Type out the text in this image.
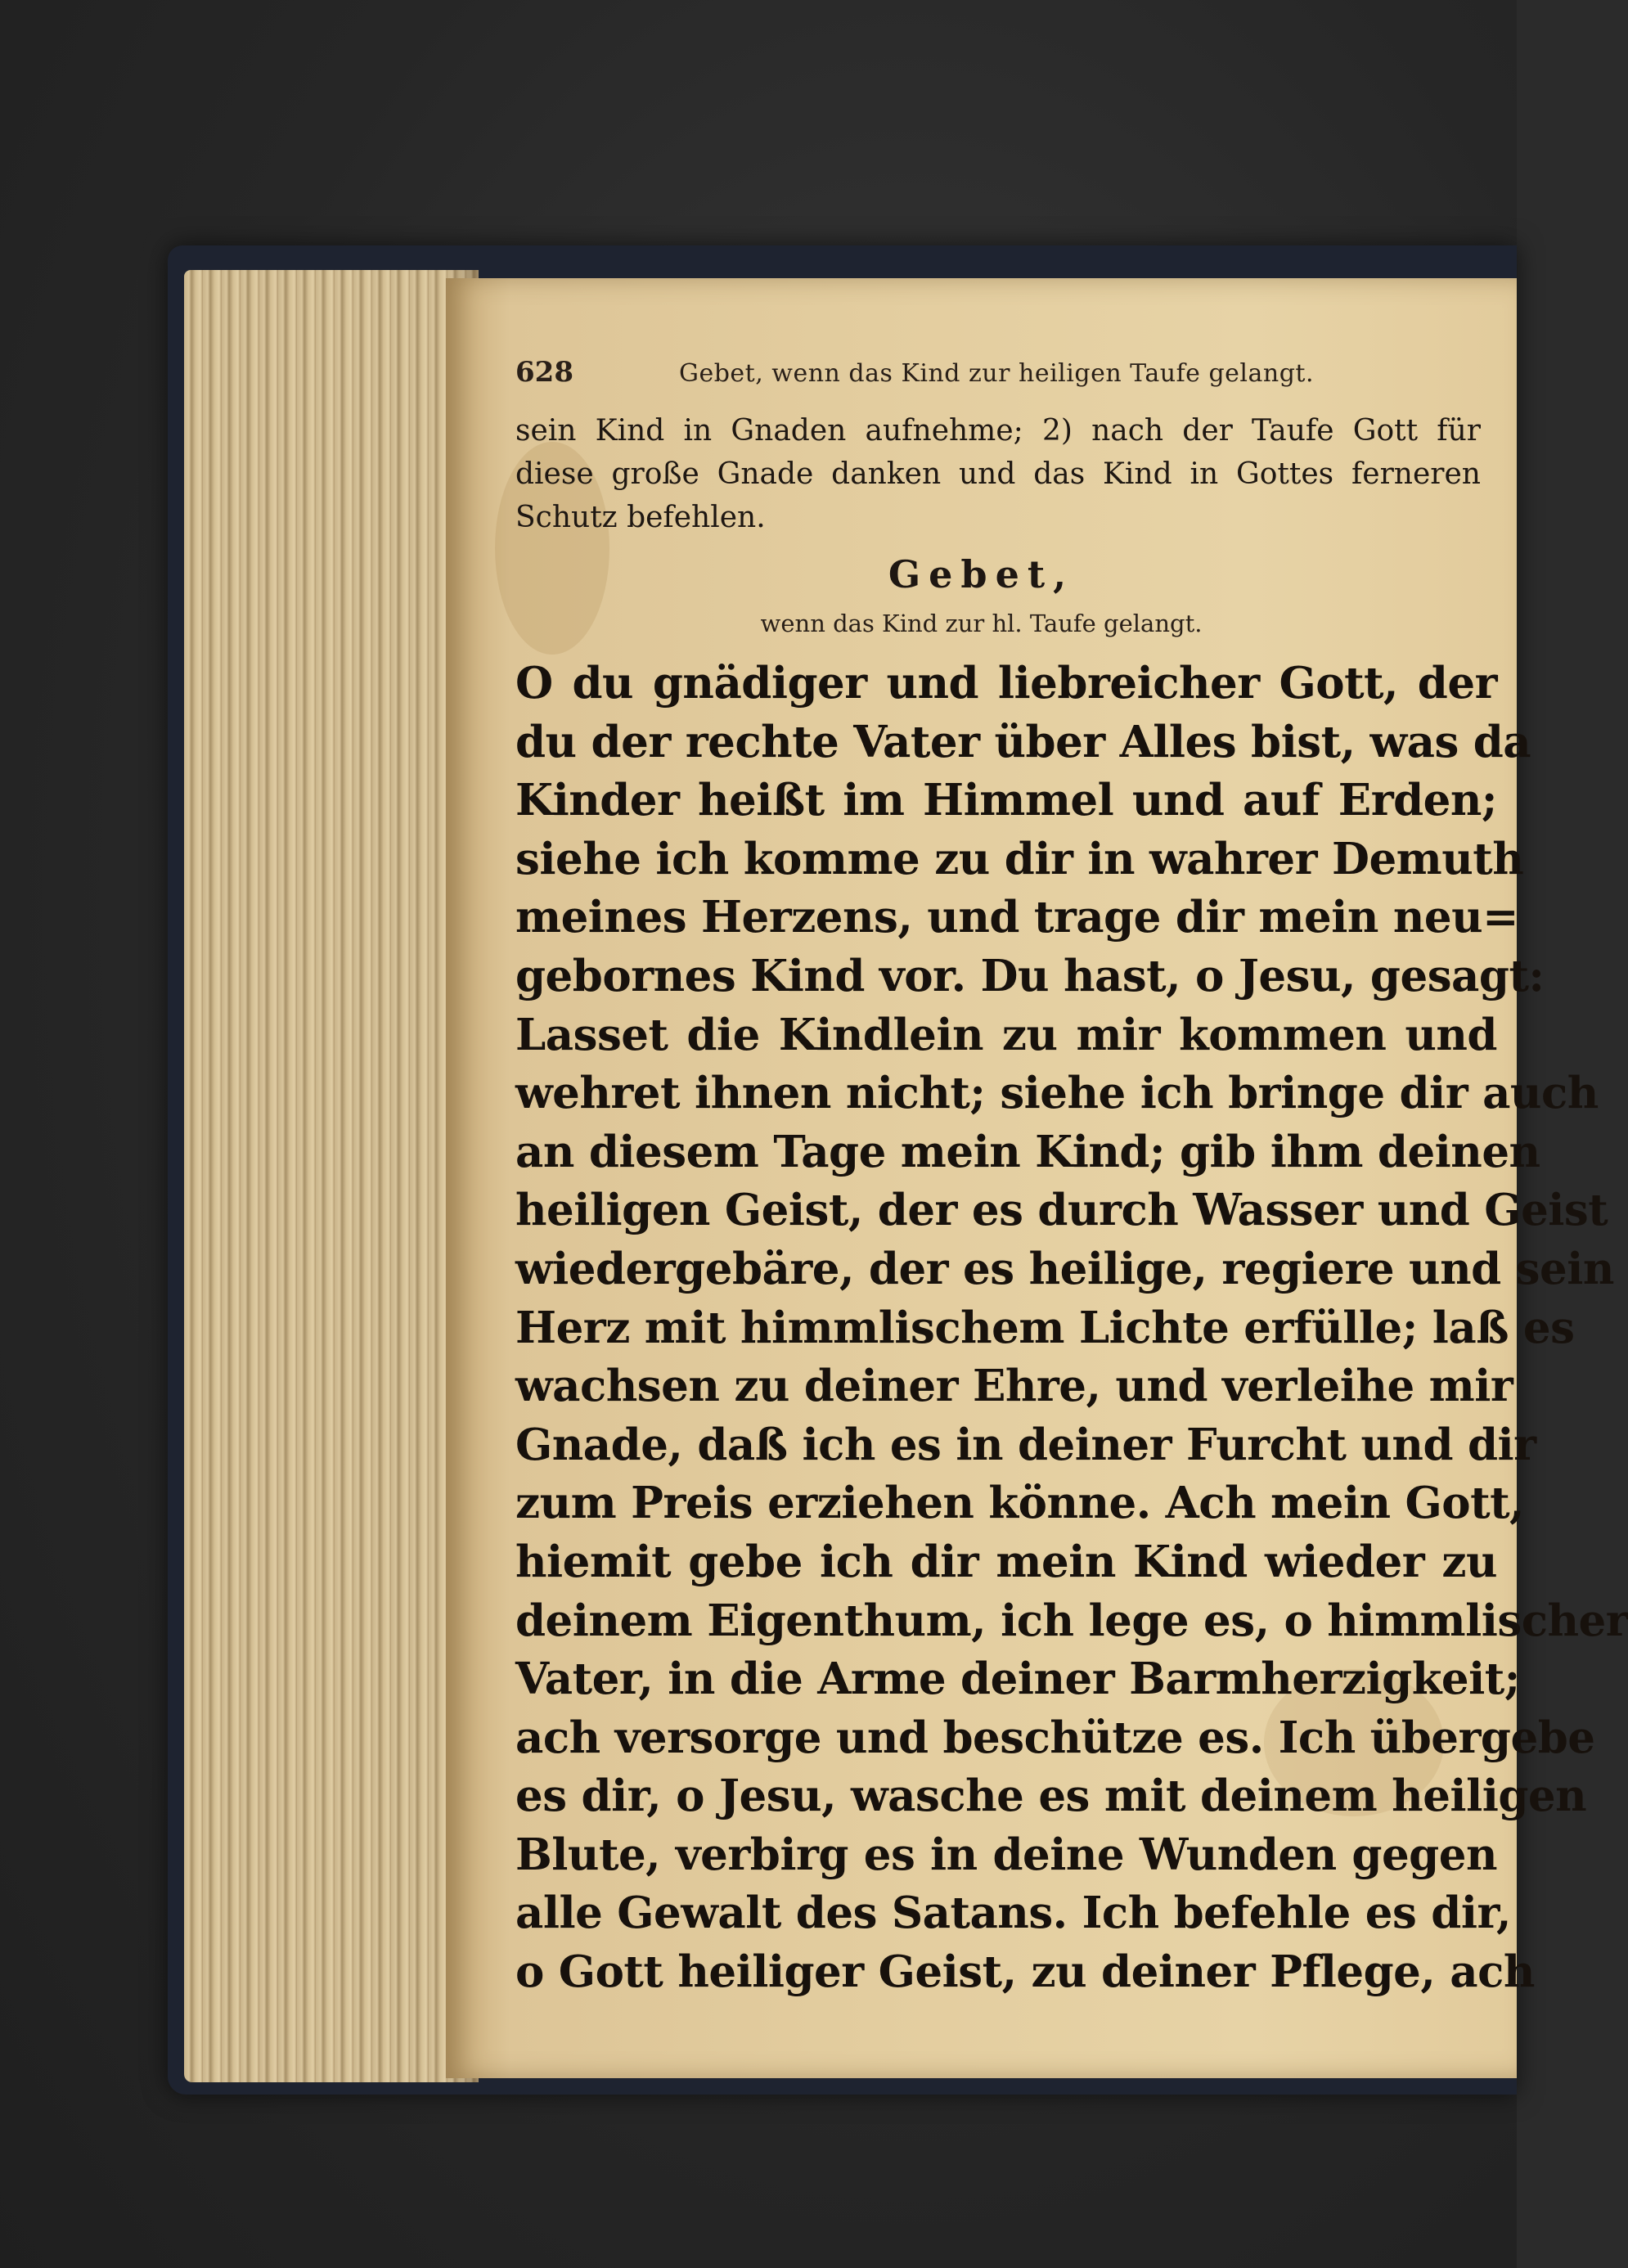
628	Gebet, wenn das Kind zur heiligen Taufe gelangt.
sein Kind in Gnaden aufnehme; 2) nach der Taufe Gott für
diese große Gnade danken und das Kind in Gottes ferneren
Schutz befehlen.
Gebet,
wenn das Kind zur hl. Taufe gelangt.
O du gnädiger und liebreicher Gott, der
du der rechte Vater über Alles bist, was da
Kinder heißt im Himmel und auf Erden;
siehe ich komme zu dir in wahrer Demuth
meines Herzens, und trage dir mein neu=
gebornes Kind vor. Du hast, o Jesu, gesagt:
Lasset die Kindlein zu mir kommen und
wehret ihnen nicht; siehe ich bringe dir auch
an diesem Tage mein Kind; gib ihm deinen
heiligen Geist, der es durch Wasser und Geist
wiedergebäre, der es heilige, regiere und sein
Herz mit himmlischem Lichte erfülle; laß es
wachsen zu deiner Ehre, und verleihe mir
Gnade, daß ich es in deiner Furcht und dir
zum Preis erziehen könne. Ach mein Gott,
hiemit gebe ich dir mein Kind wieder zu
deinem Eigenthum, ich lege es, o himmlischer
Vater, in die Arme deiner Barmherzigkeit;
ach versorge und beschütze es. Ich übergebe
es dir, o Jesu, wasche es mit deinem heiligen
Blute, verbirg es in deine Wunden gegen
alle Gewalt des Satans. Ich befehle es dir,
o Gott heiliger Geist, zu deiner Pflege, ach
